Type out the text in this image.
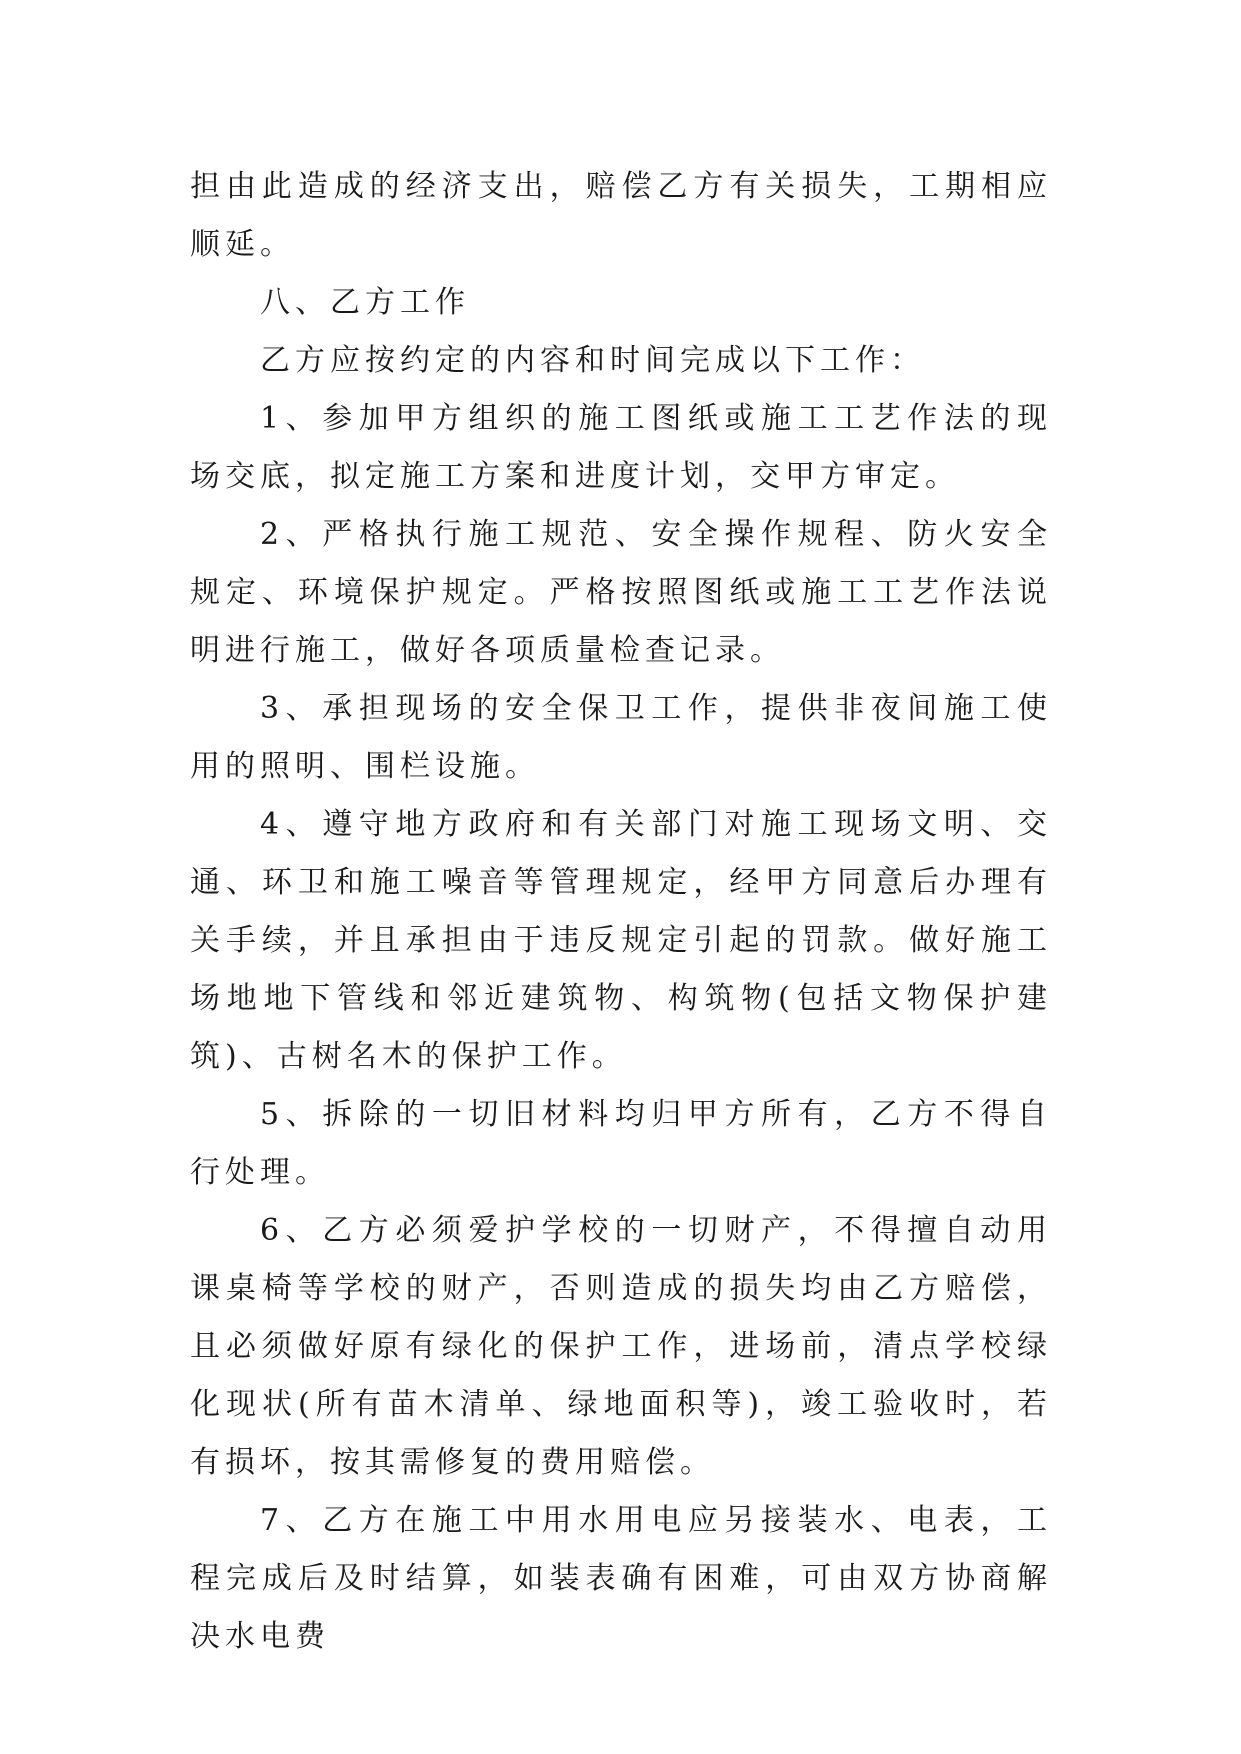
担由此造成的经济支出，赔偿乙方有关损失，工期相应顺延。

八、乙方工作

乙方应按约定的内容和时间完成以下工作：

1、参加甲方组织的施工图纸或施工工艺作法的现场交底，拟定施工方案和进度计划，交甲方审定。

2、严格执行施工规范、安全操作规程、防火安全规定、环境保护规定。严格按照图纸或施工工艺作法说明进行施工，做好各项质量检查记录。

3、承担现场的安全保卫工作，提供非夜间施工使用的照明、围栏设施。

4、遵守地方政府和有关部门对施工现场文明、交通、环卫和施工噪音等管理规定，经甲方同意后办理有关手续，并且承担由于违反规定引起的罚款。做好施工场地地下管线和邻近建筑物、构筑物(包括文物保护建筑)、古树名木的保护工作。

5、拆除的一切旧材料均归甲方所有，乙方不得自行处理。

6、乙方必须爱护学校的一切财产，不得擅自动用课桌椅等学校的财产，否则造成的损失均由乙方赔偿，且必须做好原有绿化的保护工作，进场前，清点学校绿化现状(所有苗木清单、绿地面积等)，竣工验收时，若有损坏，按其需修复的费用赔偿。

7、乙方在施工中用水用电应另接装水、电表，工程完成后及时结算，如装表确有困难，可由双方协商解决水电费
